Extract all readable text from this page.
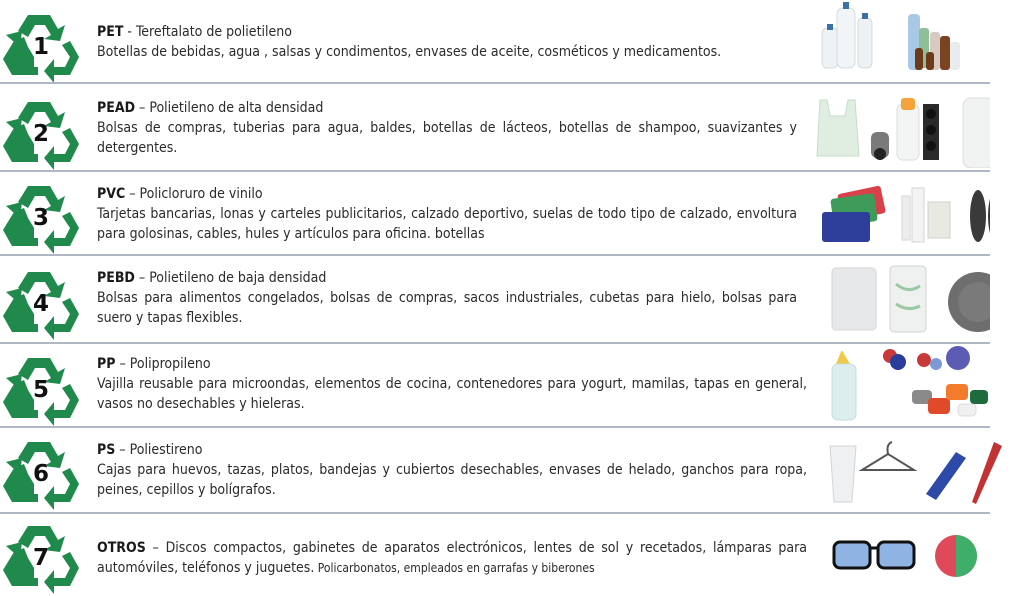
1
PET - Tereftalato de polietileno
Botellas de bebidas, agua , salsas y condimentos, envases de aceite, cosméticos y medicamentos.
2
PEAD – Polietileno de alta densidad
Bolsas de compras, tuberias para agua, baldes, botellas de lácteos, botellas de shampoo, suavizantes y detergentes.
3
PVC – Policloruro de vinilo
Tarjetas bancarias, lonas y carteles publicitarios, calzado deportivo, suelas de todo tipo de calzado, envoltura para golosinas, cables, hules y artículos para oficina. botellas
4
PEBD – Polietileno de baja densidad
Bolsas para alimentos congelados, bolsas de compras, sacos industriales, cubetas para hielo, bolsas para suero y tapas flexibles.
5
PP – Polipropileno
Vajilla reusable para microondas, elementos de cocina, contenedores para yogurt, mamilas, tapas en general, vasos no desechables y hieleras.
6
PS – Poliestireno
Cajas para huevos, tazas, platos, bandejas y cubiertos desechables, envases de helado, ganchos para ropa, peines, cepillos y bolígrafos.
7	OTROS – Discos compactos, gabinetes de aparatos electrónicos, lentes de sol y recetados, lámparas para automóviles, teléfonos y juguetes. Policarbonatos, empleados en garrafas y biberones
